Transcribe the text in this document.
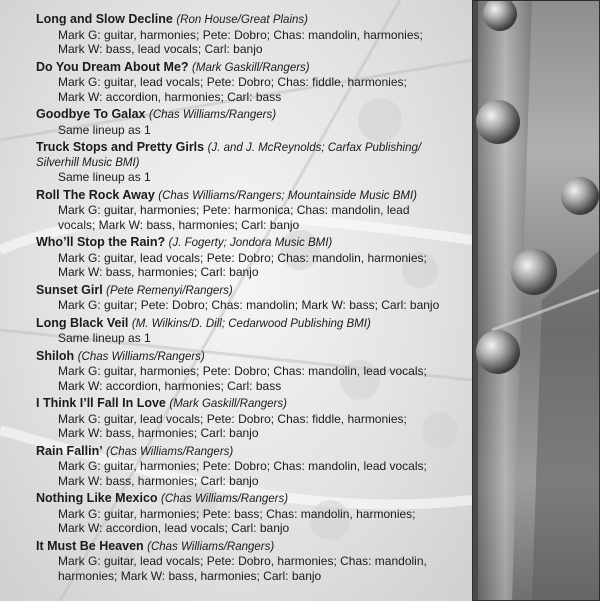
Long and Slow Decline (Ron House/Great Plains)
Mark G: guitar, harmonies; Pete: Dobro; Chas: mandolin, harmonies;
Mark W: bass, lead vocals; Carl: banjo
Do You Dream About Me? (Mark Gaskill/Rangers)
Mark G: guitar, lead vocals; Pete: Dobro; Chas: fiddle, harmonies;
Mark W: accordion, harmonies; Carl: bass
Goodbye To Galax (Chas Williams/Rangers)
Same lineup as 1
Truck Stops and Pretty Girls (J. and J. McReynolds; Carfax Publishing/
Silverhill Music BMI)
Same lineup as 1
Roll The Rock Away (Chas Williams/Rangers; Mountainside Music BMI)
Mark G: guitar, harmonies; Pete: harmonica; Chas: mandolin, lead
vocals; Mark W: bass, harmonies; Carl: banjo
Who’ll Stop the Rain? (J. Fogerty; Jondora Music BMI)
Mark G: guitar, lead vocals; Pete: Dobro; Chas: mandolin, harmonies;
Mark W: bass, harmonies; Carl: banjo
Sunset Girl (Pete Remenyi/Rangers)
Mark G: guitar; Pete: Dobro; Chas: mandolin; Mark W: bass; Carl: banjo
Long Black Veil (M. Wilkins/D. Dill; Cedarwood Publishing BMI)
Same lineup as 1
Shiloh (Chas Williams/Rangers)
Mark G: guitar, harmonies; Pete: Dobro; Chas: mandolin, lead vocals;
Mark W: accordion, harmonies; Carl: bass
I Think I’ll Fall In Love (Mark Gaskill/Rangers)
Mark G: guitar, lead vocals; Pete: Dobro; Chas: fiddle, harmonies;
Mark W: bass, harmonies; Carl: banjo
Rain Fallin’ (Chas Williams/Rangers)
Mark G: guitar, harmonies; Pete: Dobro; Chas: mandolin, lead vocals;
Mark W: bass, harmonies; Carl: banjo
Nothing Like Mexico (Chas Williams/Rangers)
Mark G: guitar, harmonies; Pete: bass; Chas: mandolin, harmonies;
Mark W: accordion, lead vocals; Carl: banjo
It Must Be Heaven (Chas Williams/Rangers)
Mark G: guitar, lead vocals; Pete: Dobro, harmonies; Chas: mandolin,
harmonies; Mark W: bass, harmonies; Carl: banjo
